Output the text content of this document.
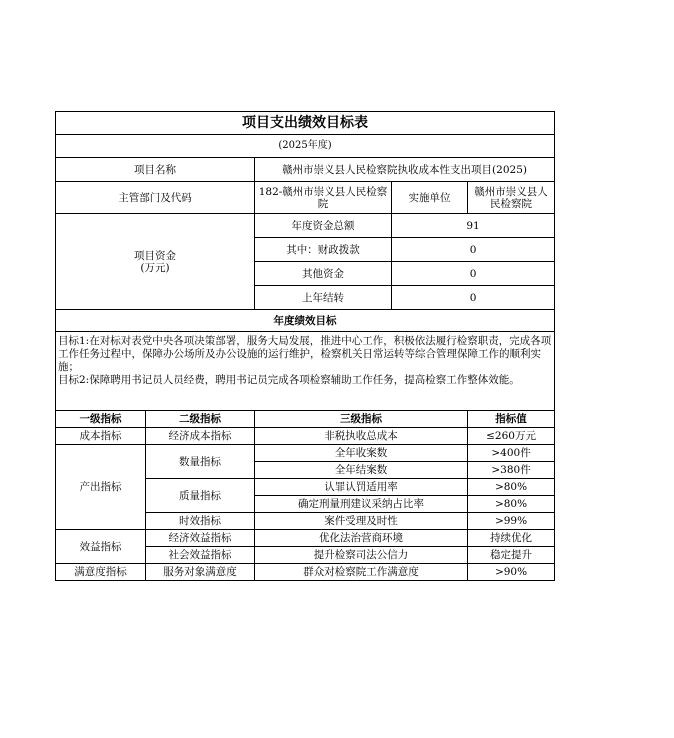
项目支出绩效目标表				
(2025年度)				
项目名称		赣州市崇义县人民检察院执收成本性支出项目(2025)		
主管部门及代码		182-赣州市崇义县人民检察院	实施单位	赣州市崇义县人民检察院
项目资金
(万元)		年度资金总额	91	
		其中：财政拨款	0	
		其他资金	0	
		上年结转	0	
年度绩效目标				

目标1:在对标对表党中央各项决策部署，服务大局发展，推进中心工作，积极依法履行检察职责，完成各项工作任务过程中，保障办公场所及办公设施的运行维护，检察机关日常运转等综合管理保障工作的顺利实施；
目标2:保障聘用书记员人员经费，聘用书记员完成各项检察辅助工作任务，提高检察工作整体效能。				

一级指标	二级指标	三级指标		指标值
成本指标	经济成本指标	非税执收总成本		≤260万元
产出指标	数量指标	全年收案数		>400件
		全年结案数		>380件
	质量指标	认罪认罚适用率		>80%
		确定刑量刑建议采纳占比率		>80%
	时效指标	案件受理及时性		>99%
效益指标	经济效益指标	优化法治营商环境		持续优化
	社会效益指标	提升检察司法公信力		稳定提升
满意度指标	服务对象满意度	群众对检察院工作满意度		>90%
